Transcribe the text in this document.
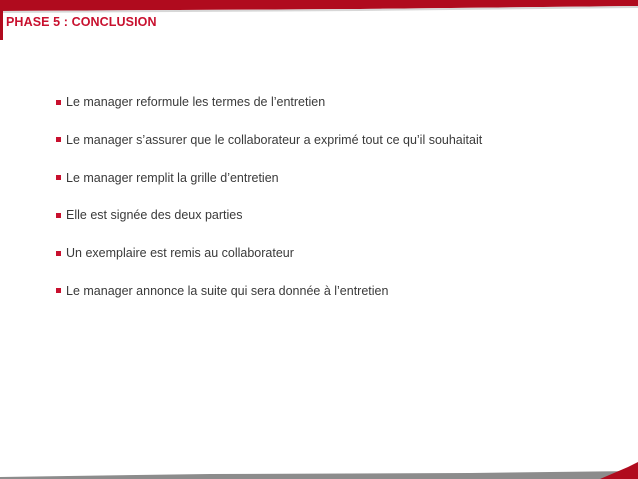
PHASE 5 : CONCLUSION
Le manager reformule les termes de l’entretien
Le manager s’assurer que le collaborateur a exprimé tout ce qu’il souhaitait
Le manager remplit la grille d’entretien
Elle est signée des deux parties
Un exemplaire est remis au collaborateur
Le manager annonce la suite qui sera donnée à l’entretien
